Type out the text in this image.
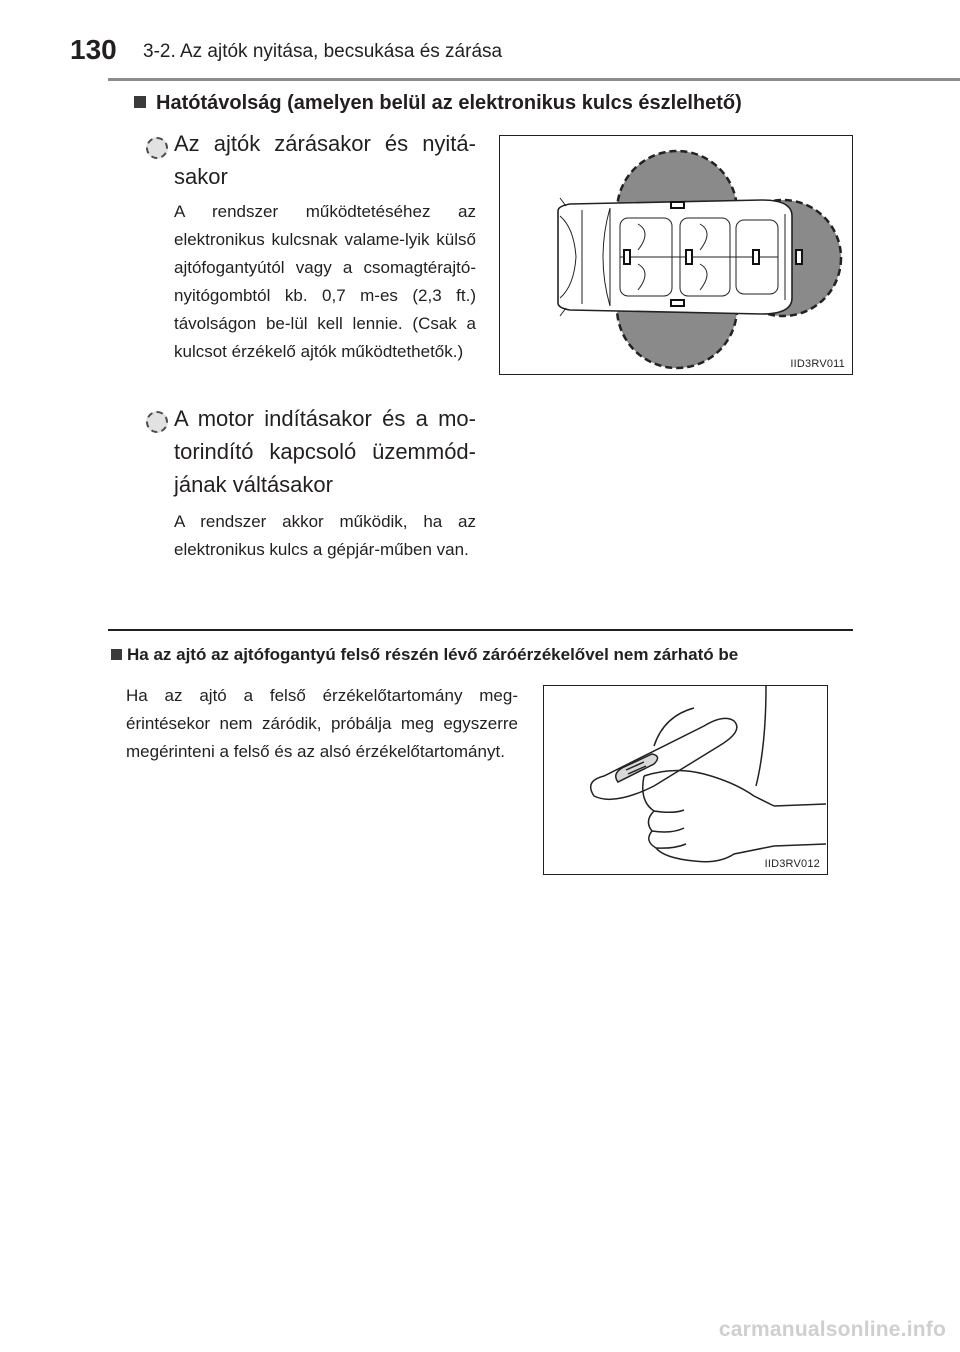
130 3-2. Az ajtók nyitása, becsukása és zárása
Hatótávolság (amelyen belül az elektronikus kulcs észlelhető)
Az ajtók zárásakor és nyitá-sakor
A rendszer működtetéséhez az elektronikus kulcsnak valame-lyik külső ajtófogantyútól vagy a csomagtérajtó-nyitógombtól kb. 0,7 m-es (2,3 ft.) távolságon be-lül kell lennie. (Csak a kulcsot érzékelő ajtók működtethetők.)
A motor indításakor és a mo-torindító kapcsoló üzemmód-jának váltásakor
A rendszer akkor működik, ha az elektronikus kulcs a gépjár-műben van.
IID3RV011
Ha az ajtó az ajtófogantyú felső részén lévő záróérzékelővel nem zárható be
Ha az ajtó a felső érzékelőtartomány meg-érintésekor nem záródik, próbálja meg egyszerre megérinteni a felső és az alsó érzékelőtartományt.
IID3RV012
carmanualsonline.info
